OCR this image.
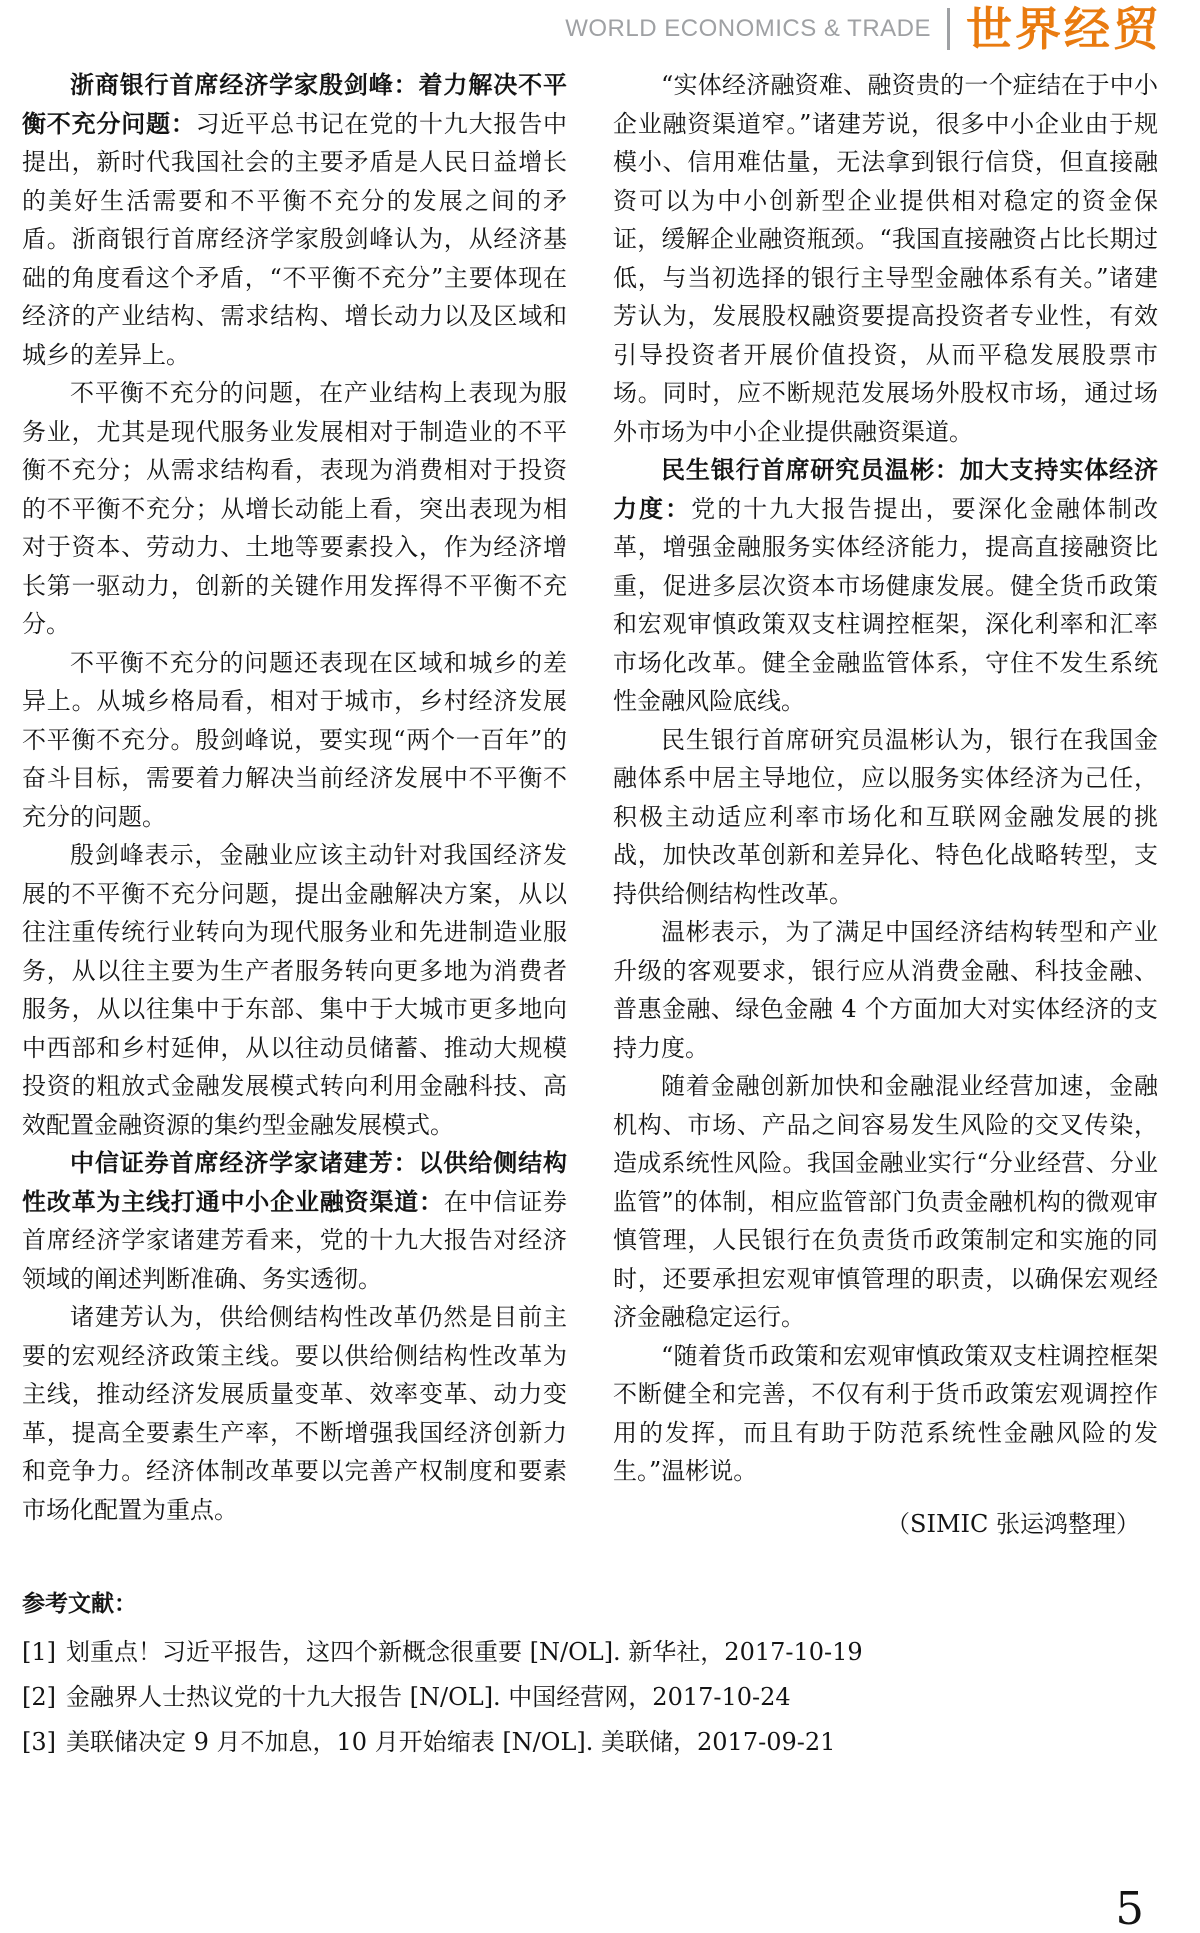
WORLD ECONOMICS & TRADE 世界经贸

浙商银行首席经济学家殷剑峰：着力解决不平衡不充分问题：习近平总书记在党的十九大报告中提出，新时代我国社会的主要矛盾是人民日益增长的美好生活需要和不平衡不充分的发展之间的矛盾。浙商银行首席经济学家殷剑峰认为，从经济基础的角度看这个矛盾，“不平衡不充分”主要体现在经济的产业结构、需求结构、增长动力以及区域和城乡的差异上。

不平衡不充分的问题，在产业结构上表现为服务业，尤其是现代服务业发展相对于制造业的不平衡不充分；从需求结构看，表现为消费相对于投资的不平衡不充分；从增长动能上看，突出表现为相对于资本、劳动力、土地等要素投入，作为经济增长第一驱动力，创新的关键作用发挥得不平衡不充分。

不平衡不充分的问题还表现在区域和城乡的差异上。从城乡格局看，相对于城市，乡村经济发展不平衡不充分。殷剑峰说，要实现“两个一百年”的奋斗目标，需要着力解决当前经济发展中不平衡不充分的问题。

殷剑峰表示，金融业应该主动针对我国经济发展的不平衡不充分问题，提出金融解决方案，从以往注重传统行业转向为现代服务业和先进制造业服务，从以往主要为生产者服务转向更多地为消费者服务，从以往集中于东部、集中于大城市更多地向中西部和乡村延伸，从以往动员储蓄、推动大规模投资的粗放式金融发展模式转向利用金融科技、高效配置金融资源的集约型金融发展模式。

中信证券首席经济学家诸建芳：以供给侧结构性改革为主线打通中小企业融资渠道：在中信证券首席经济学家诸建芳看来，党的十九大报告对经济领域的阐述判断准确、务实透彻。

诸建芳认为，供给侧结构性改革仍然是目前主要的宏观经济政策主线。要以供给侧结构性改革为主线，推动经济发展质量变革、效率变革、动力变革，提高全要素生产率，不断增强我国经济创新力和竞争力。经济体制改革要以完善产权制度和要素市场化配置为重点。

“实体经济融资难、融资贵的一个症结在于中小企业融资渠道窄。”诸建芳说，很多中小企业由于规模小、信用难估量，无法拿到银行信贷，但直接融资可以为中小创新型企业提供相对稳定的资金保证，缓解企业融资瓶颈。“我国直接融资占比长期过低，与当初选择的银行主导型金融体系有关。”诸建芳认为，发展股权融资要提高投资者专业性，有效引导投资者开展价值投资，从而平稳发展股票市场。同时，应不断规范发展场外股权市场，通过场外市场为中小企业提供融资渠道。

民生银行首席研究员温彬：加大支持实体经济力度：党的十九大报告提出，要深化金融体制改革，增强金融服务实体经济能力，提高直接融资比重，促进多层次资本市场健康发展。健全货币政策和宏观审慎政策双支柱调控框架，深化利率和汇率市场化改革。健全金融监管体系，守住不发生系统性金融风险底线。

民生银行首席研究员温彬认为，银行在我国金融体系中居主导地位，应以服务实体经济为己任，积极主动适应利率市场化和互联网金融发展的挑战，加快改革创新和差异化、特色化战略转型，支持供给侧结构性改革。

温彬表示，为了满足中国经济结构转型和产业升级的客观要求，银行应从消费金融、科技金融、普惠金融、绿色金融 4 个方面加大对实体经济的支持力度。

随着金融创新加快和金融混业经营加速，金融机构、市场、产品之间容易发生风险的交叉传染，造成系统性风险。我国金融业实行“分业经营、分业监管”的体制，相应监管部门负责金融机构的微观审慎管理，人民银行在负责货币政策制定和实施的同时，还要承担宏观审慎管理的职责，以确保宏观经济金融稳定运行。

“随着货币政策和宏观审慎政策双支柱调控框架不断健全和完善，不仅有利于货币政策宏观调控作用的发挥，而且有助于防范系统性金融风险的发生。”温彬说。

（SIMIC 张运鸿整理）

参考文献：
[1] 划重点！习近平报告，这四个新概念很重要 [N/OL]. 新华社，2017-10-19
[2] 金融界人士热议党的十九大报告 [N/OL]. 中国经营网，2017-10-24
[3] 美联储决定 9 月不加息，10 月开始缩表 [N/OL]. 美联储，2017-09-21
5
